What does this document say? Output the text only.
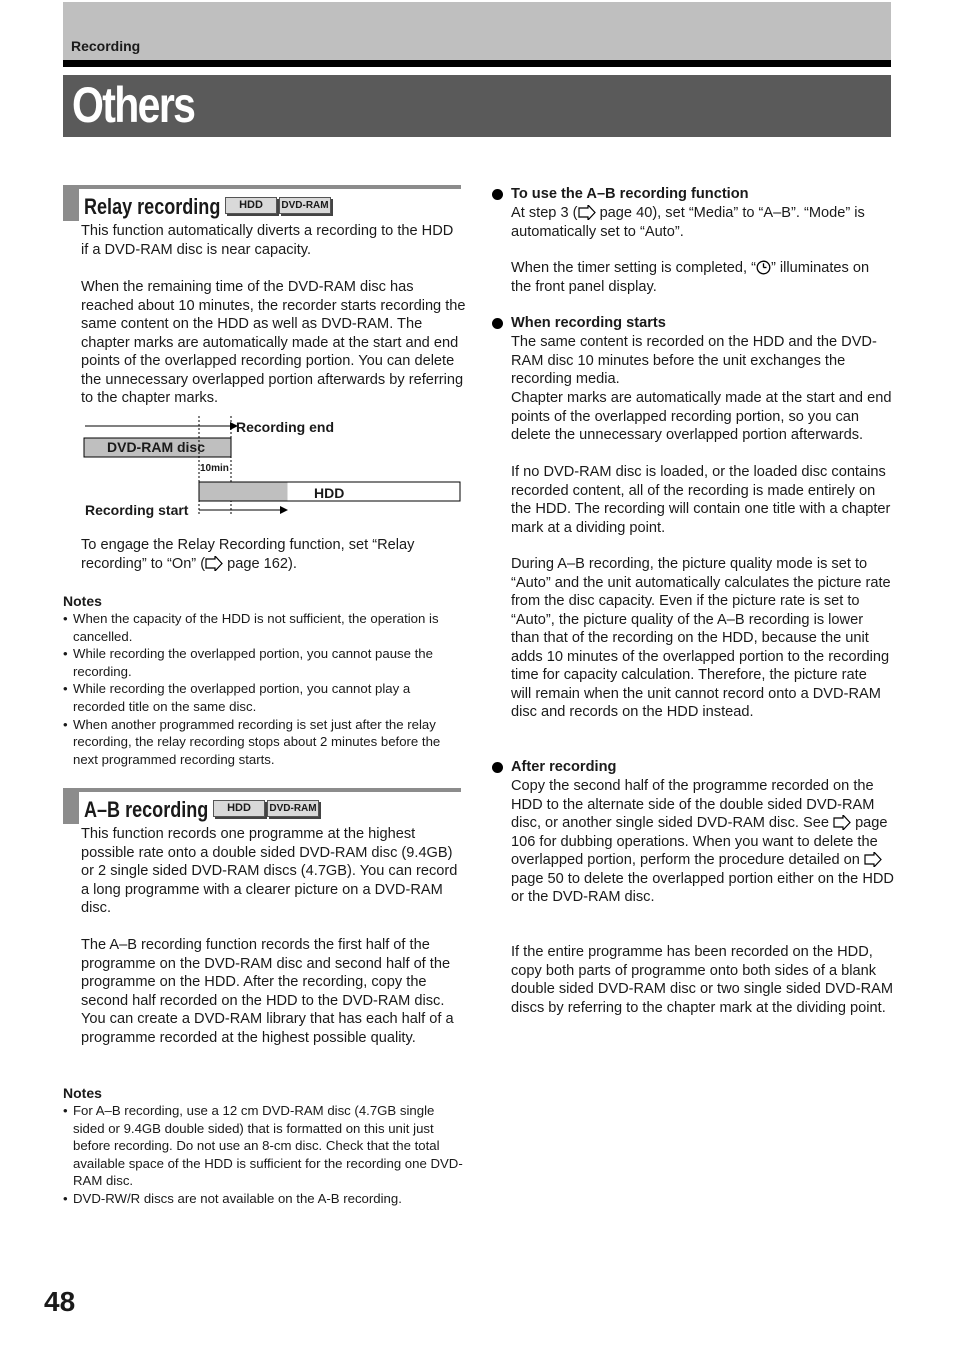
Recording
Others
Relay recording	HDD	DVD-RAM

This function automatically diverts a recording to the HDD if a DVD-RAM disc is near capacity.

When the remaining time of the DVD-RAM disc has reached about 10 minutes, the recorder starts recording the same content on the HDD as well as DVD-RAM. The chapter marks are automatically made at the start and end points of the overlapped recording portion. You can delete the unnecessary overlapped portion afterwards by referring to the chapter marks.

Recording end
DVD-RAM disc
10min
HDD
Recording start

To engage the Relay Recording function, set “Relay recording” to “On” ( page 162).

Notes
• When the capacity of the HDD is not sufficient, the operation is cancelled.
• While recording the overlapped portion, you cannot pause the recording.
• While recording the overlapped portion, you cannot play a recorded title on the same disc.
• When another programmed recording is set just after the relay recording, the relay recording stops about 2 minutes before the next programmed recording starts.
A–B recording	HDD	DVD-RAM

This function records one programme at the highest possible rate onto a double sided DVD-RAM disc (9.4GB) or 2 single sided DVD-RAM discs (4.7GB). You can record a long programme with a clearer picture on a DVD-RAM disc.

The A–B recording function records the first half of the programme on the DVD-RAM disc and second half of the programme on the HDD. After the recording, copy the second half recorded on the HDD to the DVD-RAM disc. You can create a DVD-RAM library that has each half of a programme recorded at the highest possible quality.

Notes
• For A–B recording, use a 12 cm DVD-RAM disc (4.7GB single sided or 9.4GB double sided) that is formatted on this unit just before recording. Do not use an 8-cm disc. Check that the total available space of the HDD is sufficient for the recording one DVD-RAM disc.
• DVD-RW/R discs are not available on the A-B recording.
To use the A–B recording function

At step 3 ( page 40), set “Media” to “A–B”. “Mode” is automatically set to “Auto”.

When the timer setting is completed, “ ” illuminates on the front panel display.

When recording starts

The same content is recorded on the HDD and the DVD-RAM disc 10 minutes before the unit exchanges the recording media.

Chapter marks are automatically made at the start and end points of the overlapped recording portion, so you can delete the unnecessary overlapped portion afterwards.

If no DVD-RAM disc is loaded, or the loaded disc contains recorded content, all of the recording is made entirely on the HDD. The recording will contain one title with a chapter mark at a dividing point.

During A–B recording, the picture quality mode is set to “Auto” and the unit automatically calculates the picture rate from the disc capacity. Even if the picture rate is set to “Auto”, the picture quality of the A–B recording is lower than that of the recording on the HDD, because the unit adds 10 minutes of the overlapped portion to the recording time for capacity calculation. Therefore, the picture rate will remain when the unit cannot record onto a DVD-RAM disc and records on the HDD instead.

After recording

Copy the second half of the programme recorded on the HDD to the alternate side of the double sided DVD-RAM disc, or another single sided DVD-RAM disc. See  page 106 for dubbing operations. When you want to delete the overlapped portion, perform the procedure detailed on  page 50 to delete the overlapped portion either on the HDD or the DVD-RAM disc.

If the entire programme has been recorded on the HDD, copy both parts of programme onto both sides of a blank double sided DVD-RAM disc or two single sided DVD-RAM discs by referring to the chapter mark at the dividing point.

48
